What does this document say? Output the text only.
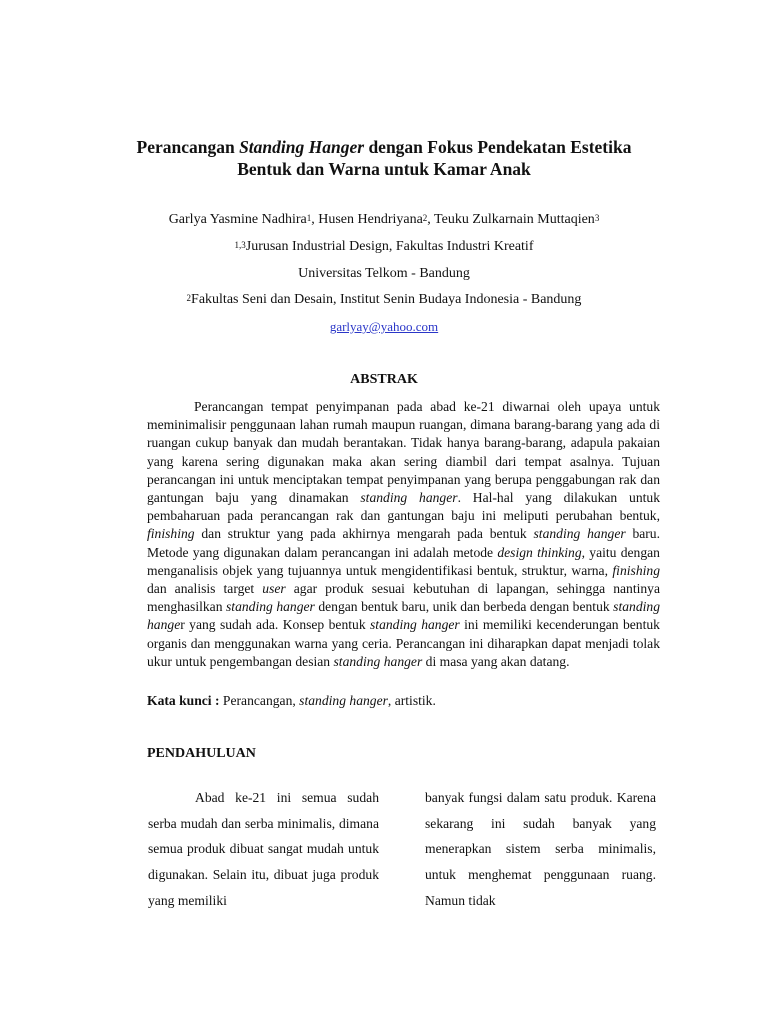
Perancangan Standing Hanger dengan Fokus Pendekatan Estetika
Bentuk dan Warna untuk Kamar Anak
Garlya Yasmine Nadhira$^1$, Husen Hendriyana$^2$, Teuku Zulkarnain Muttaqien$^3$
$^{1,3}$Jurusan Industrial Design, Fakultas Industri Kreatif
Universitas Telkom - Bandung
$^2$Fakultas Seni dan Desain, Institut Senin Budaya Indonesia - Bandung
garlyay@yahoo.com
ABSTRAK

Perancangan tempat penyimpanan pada abad ke-21 diwarnai oleh upaya untuk meminimalisir penggunaan lahan rumah maupun ruangan, dimana barang-barang yang ada di ruangan cukup banyak dan mudah berantakan. Tidak hanya barang-barang, adapula pakaian yang karena sering digunakan maka akan sering diambil dari tempat asalnya. Tujuan perancangan ini untuk menciptakan tempat penyimpanan yang berupa penggabungan rak dan gantungan baju yang dinamakan standing hanger. Hal-hal yang dilakukan untuk pembaharuan pada perancangan rak dan gantungan baju ini meliputi perubahan bentuk, finishing dan struktur yang pada akhirnya mengarah pada bentuk standing hanger baru. Metode yang digunakan dalam perancangan ini adalah metode design thinking, yaitu dengan menganalisis objek yang tujuannya untuk mengidentifikasi bentuk, struktur, warna, finishing dan analisis target user agar produk sesuai kebutuhan di lapangan, sehingga nantinya menghasilkan standing hanger dengan bentuk baru, unik dan berbeda dengan bentuk standing hanger yang sudah ada. Konsep bentuk standing hanger ini memiliki kecenderungan bentuk organis dan menggunakan warna yang ceria. Perancangan ini diharapkan dapat menjadi tolak ukur untuk pengembangan desian standing hanger di masa yang akan datang.

Kata kunci : Perancangan, standing hanger, artistik.
PENDAHULUAN

Abad ke-21 ini semua sudah serba mudah dan serba minimalis, dimana semua produk dibuat sangat mudah untuk digunakan. Selain itu, dibuat juga produk yang memiliki

banyak fungsi dalam satu produk. Karena sekarang ini sudah banyak yang menerapkan sistem serba minimalis, untuk menghemat penggunaan ruang. Namun tidak
